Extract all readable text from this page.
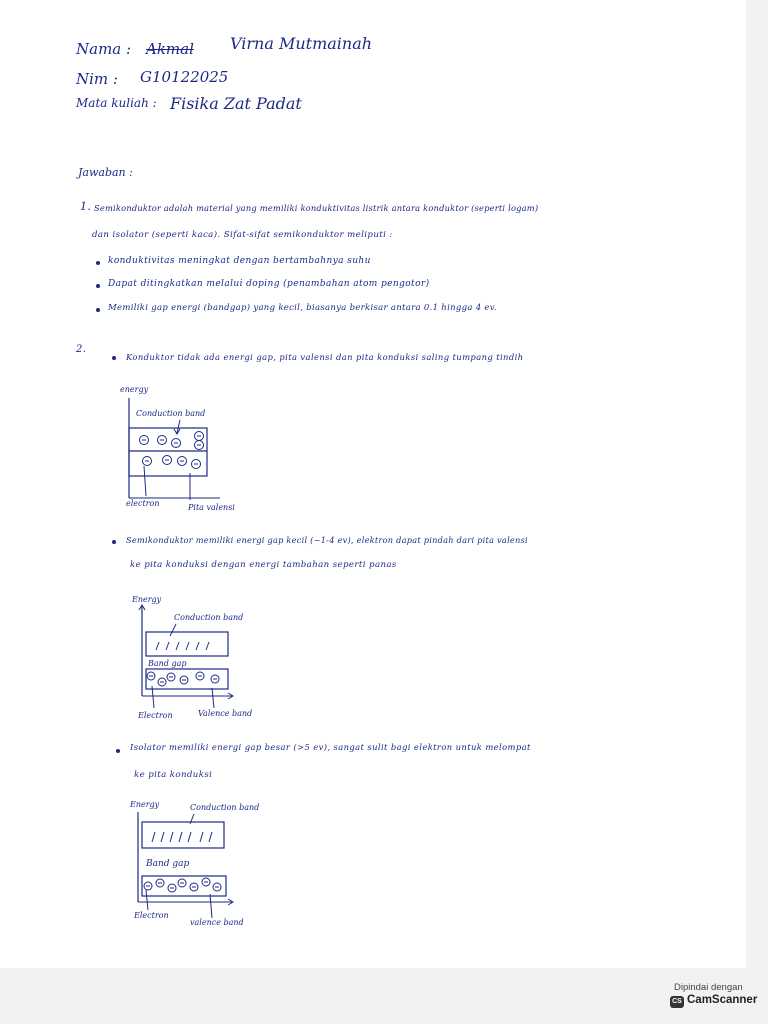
Nama : Akmal Virna Mutmainah
Nim : G10122025
Mata kuliah : Fisika Zat Padat
Jawaban :
1. Semikonduktor adalah material yang memiliki konduktivitas listrik antara konduktor (seperti logam)
dan isolator (seperti kaca). Sifat-sifat semikonduktor meliputi :
konduktivitas meningkat dengan bertambahnya suhu
Dapat ditingkatkan melalui doping (penambahan atom pengotor)
Memiliki gap energi (bandgap) yang kecil, biasanya berkisar antara 0.1 hingga 4 ev.
2.
Konduktor tidak ada energi gap, pita valensi dan pita konduksi saling tumpang tindih
energy
Conduction band
electron	Pita valensi
Semikonduktor memiliki energi gap kecil (~1-4 ev), elektron dapat pindah dari pita valensi
ke pita konduksi dengan energi tambahan seperti panas
Energy
Conduction band
Band gap
Electron	Valence band
Isolator memiliki energi gap besar (>5 ev), sangat sulit bagi elektron untuk melompat
ke pita konduksi
Energy	Conduction band
Band gap
Electron
valence band
Dipindai dengan
CS CamScanner
